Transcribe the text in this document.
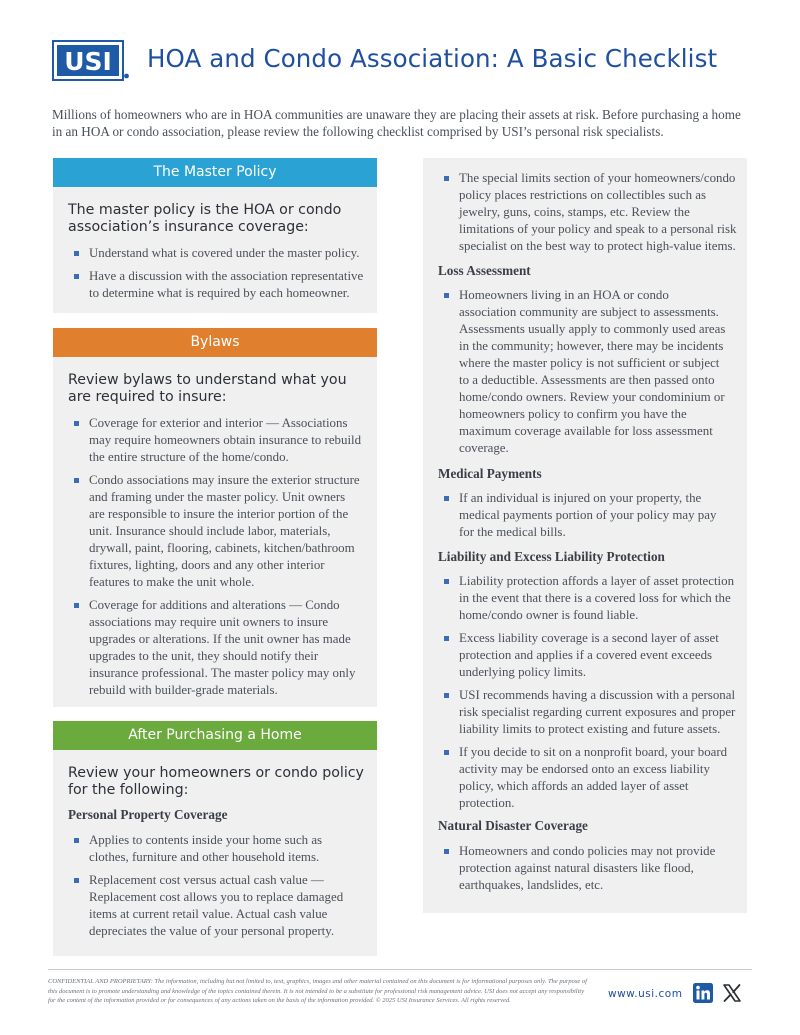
USI HOA and Condo Association: A Basic Checklist
Millions of homeowners who are in HOA communities are unaware they are placing their assets at risk. Before purchasing a home in an HOA or condo association, please review the following checklist comprised by USI’s personal risk specialists.
The Master Policy
The master policy is the HOA or condo association’s insurance coverage:
Understand what is covered under the master policy.
Have a discussion with the association representative to determine what is required by each homeowner.
Bylaws
Review bylaws to understand what you are required to insure:
Coverage for exterior and interior — Associations may require homeowners obtain insurance to rebuild the entire structure of the home/condo.
Condo associations may insure the exterior structure and framing under the master policy. Unit owners are responsible to insure the interior portion of the unit. Insurance should include labor, materials, drywall, paint, flooring, cabinets, kitchen/bathroom fixtures, lighting, doors and any other interior features to make the unit whole.
Coverage for additions and alterations — Condo associations may require unit owners to insure upgrades or alterations. If the unit owner has made upgrades to the unit, they should notify their insurance professional. The master policy may only rebuild with builder-grade materials.
After Purchasing a Home
Review your homeowners or condo policy for the following:
Personal Property Coverage
Applies to contents inside your home such as clothes, furniture and other household items.
Replacement cost versus actual cash value — Replacement cost allows you to replace damaged items at current retail value. Actual cash value depreciates the value of your personal property.
The special limits section of your homeowners/condo policy places restrictions on collectibles such as jewelry, guns, coins, stamps, etc. Review the limitations of your policy and speak to a personal risk specialist on the best way to protect high-value items.
Loss Assessment
Homeowners living in an HOA or condo association community are subject to assessments. Assessments usually apply to commonly used areas in the community; however, there may be incidents where the master policy is not sufficient or subject to a deductible. Assessments are then passed onto home/condo owners. Review your condominium or homeowners policy to confirm you have the maximum coverage available for loss assessment coverage.
Medical Payments
If an individual is injured on your property, the medical payments portion of your policy may pay for the medical bills.
Liability and Excess Liability Protection
Liability protection affords a layer of asset protection in the event that there is a covered loss for which the home/condo owner is found liable.
Excess liability coverage is a second layer of asset protection and applies if a covered event exceeds underlying policy limits.
USI recommends having a discussion with a personal risk specialist regarding current exposures and proper liability limits to protect existing and future assets.
If you decide to sit on a nonprofit board, your board activity may be endorsed onto an excess liability policy, which affords an added layer of asset protection.
Natural Disaster Coverage
Homeowners and condo policies may not provide protection against natural disasters like flood, earthquakes, landslides, etc.
CONFIDENTIAL AND PROPRIETARY: The information, including but not limited to, text, graphics, images and other material contained on this document is for informational purposes only. The purpose of this document is to promote understanding and knowledge of the topics contained therein. It is not intended to be a substitute for professional risk management advice. USI does not accept any responsibility for the content of the information provided or for consequences of any actions taken on the basis of the information provided. © 2025 USI Insurance Services. All rights reserved.
www.usi.com
